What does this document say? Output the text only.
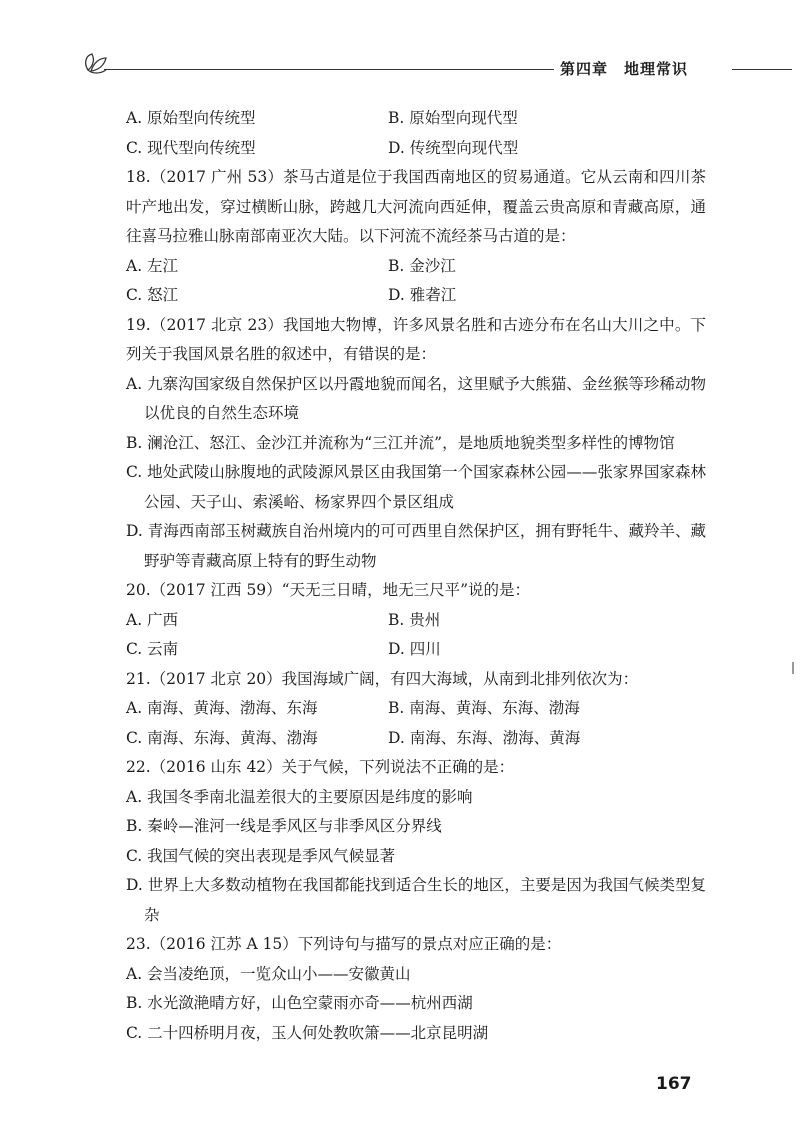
第四章　地理常识
A. 原始型向传统型	B. 原始型向现代型
C. 现代型向传统型	D. 传统型向现代型
18.（2017 广州 53）茶马古道是位于我国西南地区的贸易通道。它从云南和四川茶叶产地出发，穿过横断山脉，跨越几大河流向西延伸，覆盖云贵高原和青藏高原，通往喜马拉雅山脉南部南亚次大陆。以下河流不流经茶马古道的是：
A. 左江	B. 金沙江
C. 怒江	D. 雅砻江
19.（2017 北京 23）我国地大物博，许多风景名胜和古迹分布在名山大川之中。下列关于我国风景名胜的叙述中，有错误的是：
A. 九寨沟国家级自然保护区以丹霞地貌而闻名，这里赋予大熊猫、金丝猴等珍稀动物以优良的自然生态环境
B. 澜沧江、怒江、金沙江并流称为“三江并流”，是地质地貌类型多样性的博物馆
C. 地处武陵山脉腹地的武陵源风景区由我国第一个国家森林公园——张家界国家森林公园、天子山、索溪峪、杨家界四个景区组成
D. 青海西南部玉树藏族自治州境内的可可西里自然保护区，拥有野牦牛、藏羚羊、藏野驴等青藏高原上特有的野生动物
20.（2017 江西 59）“天无三日晴，地无三尺平”说的是：
A. 广西	B. 贵州
C. 云南	D. 四川
21.（2017 北京 20）我国海域广阔，有四大海域，从南到北排列依次为：
A. 南海、黄海、渤海、东海	B. 南海、黄海、东海、渤海
C. 南海、东海、黄海、渤海	D. 南海、东海、渤海、黄海
22.（2016 山东 42）关于气候，下列说法不正确的是：
A. 我国冬季南北温差很大的主要原因是纬度的影响
B. 秦岭—淮河一线是季风区与非季风区分界线
C. 我国气候的突出表现是季风气候显著
D. 世界上大多数动植物在我国都能找到适合生长的地区，主要是因为我国气候类型复杂
23.（2016 江苏 A 15）下列诗句与描写的景点对应正确的是：
A. 会当凌绝顶，一览众山小——安徽黄山
B. 水光潋滟晴方好，山色空蒙雨亦奇——杭州西湖
C. 二十四桥明月夜，玉人何处教吹箫——北京昆明湖
167
